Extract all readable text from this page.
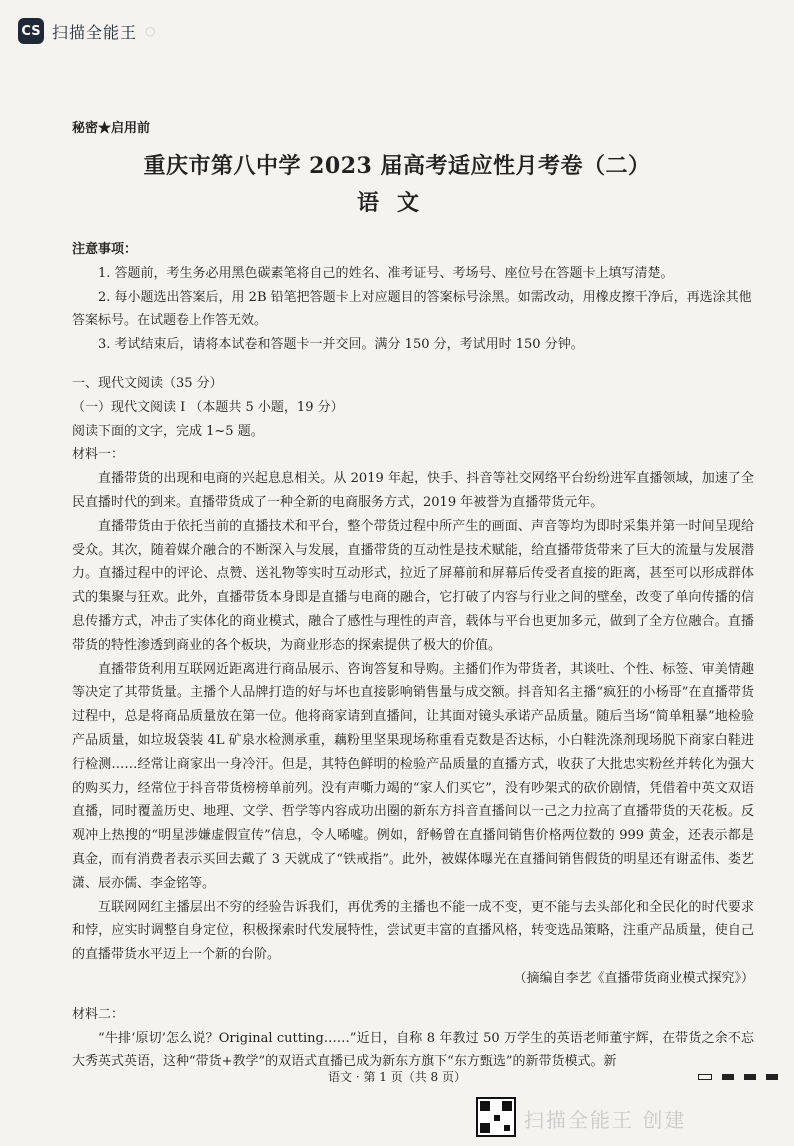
CS 扫描全能王 ○
秘密★启用前
重庆市第八中学 2023 届高考适应性月考卷（二）
语文
注意事项：

1. 答题前，考生务必用黑色碳素笔将自己的姓名、准考证号、考场号、座位号在答题卡上填写清楚。

2. 每小题选出答案后，用 2B 铅笔把答题卡上对应题目的答案标号涂黑。如需改动，用橡皮擦干净后，再选涂其他答案标号。在试题卷上作答无效。

3. 考试结束后，请将本试卷和答题卡一并交回。满分 150 分，考试用时 150 分钟。

一、现代文阅读（35 分）

（一）现代文阅读 I （本题共 5 小题，19 分）

阅读下面的文字，完成 1~5 题。

材料一：

直播带货的出现和电商的兴起息息相关。从 2019 年起，快手、抖音等社交网络平台纷纷进军直播领域，加速了全民直播时代的到来。直播带货成了一种全新的电商服务方式，2019 年被誉为直播带货元年。

直播带货由于依托当前的直播技术和平台，整个带货过程中所产生的画面、声音等均为即时采集并第一时间呈现给受众。其次，随着媒介融合的不断深入与发展，直播带货的互动性是技术赋能，给直播带货带来了巨大的流量与发展潜力。直播过程中的评论、点赞、送礼物等实时互动形式，拉近了屏幕前和屏幕后传受者直接的距离，甚至可以形成群体式的集聚与狂欢。此外，直播带货本身即是直播与电商的融合，它打破了内容与行业之间的壁垒，改变了单向传播的信息传播方式，冲击了实体化的商业模式，融合了感性与理性的声音，载体与平台也更加多元，做到了全方位融合。直播带货的特性渗透到商业的各个板块，为商业形态的探索提供了极大的价值。

直播带货利用互联网近距离进行商品展示、咨询答复和导购。主播们作为带货者，其谈吐、个性、标签、审美情趣等决定了其带货量。主播个人品牌打造的好与坏也直接影响销售量与成交额。抖音知名主播“疯狂的小杨哥”在直播带货过程中，总是将商品质量放在第一位。他将商家请到直播间，让其面对镜头承诺产品质量。随后当场“简单粗暴”地检验产品质量，如垃圾袋装 4L 矿泉水检测承重，藕粉里坚果现场称重看克数是否达标，小白鞋洗涤剂现场脱下商家白鞋进行检测……经常让商家出一身冷汗。但是，其特色鲜明的检验产品质量的直播方式，收获了大批忠实粉丝并转化为强大的购买力，经常位于抖音带货榜榜单前列。没有声嘶力竭的“家人们买它”，没有吵架式的砍价剧情，凭借着中英文双语直播，同时覆盖历史、地理、文学、哲学等内容成功出圈的新东方抖音直播间以一己之力拉高了直播带货的天花板。反观冲上热搜的“明星涉嫌虚假宣传”信息，令人唏嘘。例如，舒畅曾在直播间销售价格两位数的 999 黄金，还表示都是真金，而有消费者表示买回去戴了 3 天就成了“铁戒指”。此外，被媒体曝光在直播间销售假货的明星还有谢孟伟、娄艺潇、辰亦儒、李金铭等。

互联网网红主播层出不穷的经验告诉我们，再优秀的主播也不能一成不变，更不能与去头部化和全民化的时代要求和悖，应实时调整自身定位，积极探索时代发展特性，尝试更丰富的直播风格，转变选品策略，注重产品质量，使自己的直播带货水平迈上一个新的台阶。

（摘编自李艺《直播带货商业模式探究》）

材料二：

“牛排‘原切’怎么说？Original cutting……”近日，自称 8 年教过 50 万学生的英语老师董宇辉，在带货之余不忘大秀英式英语，这种“带货+教学”的双语式直播已成为新东方旗下“东方甄选”的新带货模式。新

语文 · 第 1 页（共 8 页）
扫描全能王 创建
